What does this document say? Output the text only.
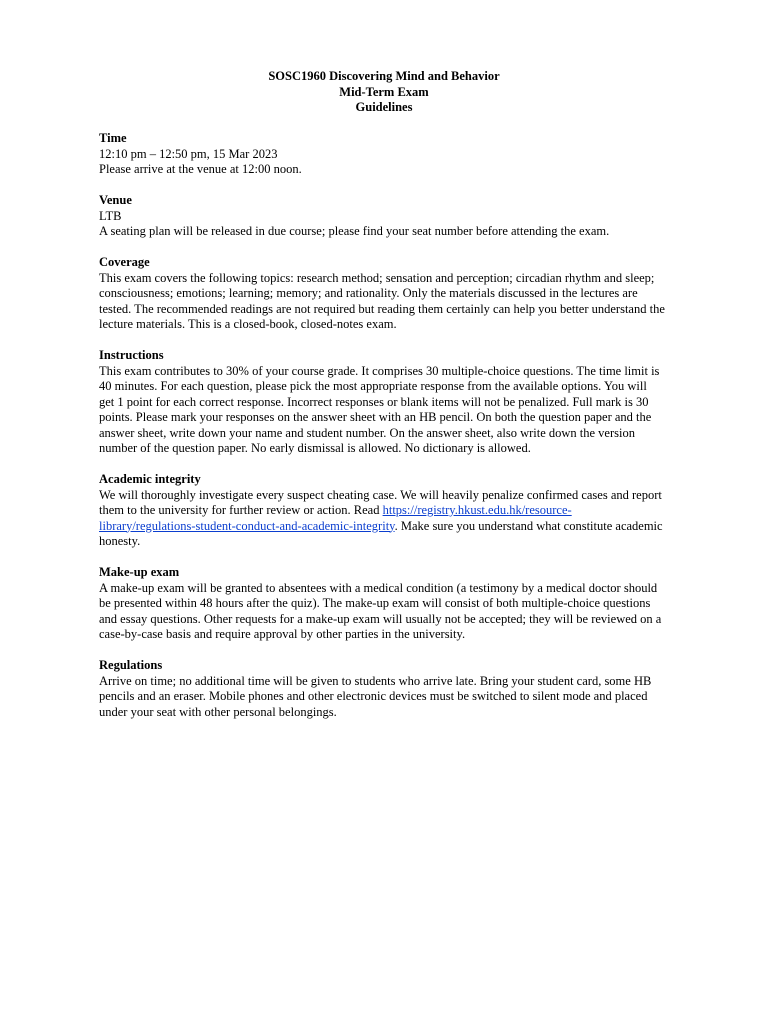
SOSC1960 Discovering Mind and Behavior
Mid-Term Exam
Guidelines
Time

12:10 pm – 12:50 pm, 15 Mar 2023

Please arrive at the venue at 12:00 noon.

Venue

LTB

A seating plan will be released in due course; please find your seat number before attending the exam.

Coverage

This exam covers the following topics: research method; sensation and perception; circadian rhythm and sleep; consciousness; emotions; learning; memory; and rationality. Only the materials discussed in the lectures are tested. The recommended readings are not required but reading them certainly can help you better understand the lecture materials. This is a closed-book, closed-notes exam.

Instructions

This exam contributes to 30% of your course grade. It comprises 30 multiple-choice questions. The time limit is 40 minutes. For each question, please pick the most appropriate response from the available options. You will get 1 point for each correct response. Incorrect responses or blank items will not be penalized. Full mark is 30 points. Please mark your responses on the answer sheet with an HB pencil. On both the question paper and the answer sheet, write down your name and student number. On the answer sheet, also write down the version number of the question paper. No early dismissal is allowed. No dictionary is allowed.

Academic integrity

We will thoroughly investigate every suspect cheating case. We will heavily penalize confirmed cases and report them to the university for further review or action. Read https://registry.hkust.edu.hk/resource-library/regulations-student-conduct-and-academic-integrity. Make sure you understand what constitute academic honesty.

Make-up exam

A make-up exam will be granted to absentees with a medical condition (a testimony by a medical doctor should be presented within 48 hours after the quiz). The make-up exam will consist of both multiple-choice questions and essay questions. Other requests for a make-up exam will usually not be accepted; they will be reviewed on a case-by-case basis and require approval by other parties in the university.

Regulations

Arrive on time; no additional time will be given to students who arrive late. Bring your student card, some HB pencils and an eraser. Mobile phones and other electronic devices must be switched to silent mode and placed under your seat with other personal belongings.
